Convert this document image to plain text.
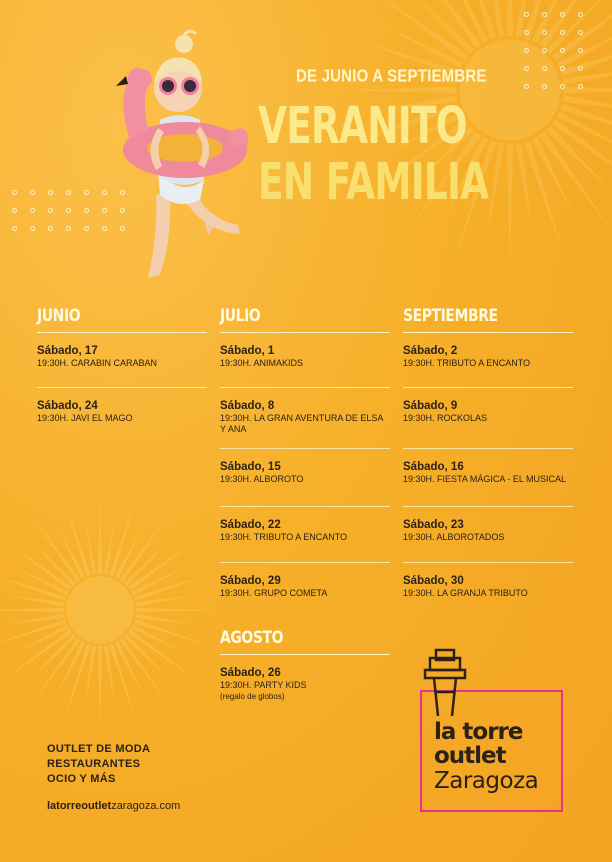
DE JUNIO A SEPTIEMBRE
VERANITO
EN FAMILIA
JUNIO
Sábado, 17
19:30H. CARABIN CARABAN
Sábado, 24
19:30H. JAVI EL MAGO
JULIO
Sábado, 1
19:30H. ANIMAKIDS
Sábado, 8
19:30H. LA GRAN AVENTURA DE ELSA Y ANA
Sábado, 15
19:30H. ALBOROTO
Sábado, 22
19:30H. TRIBUTO A ENCANTO
Sábado, 29
19:30H. GRUPO COMETA
AGOSTO
Sábado, 26
19:30H. PARTY KIDS
(regalo de globos)
SEPTIEMBRE
Sábado, 2
19:30H. TRIBUTO A ENCANTO
Sábado, 9
19:30H. ROCKOLAS
Sábado, 16
19:30H. FIESTA MÁGICA - EL MUSICAL
Sábado, 23
19:30H. ALBOROTADOS
Sábado, 30
19:30H. LA GRANJA TRIBUTO
OUTLET DE MODA
RESTAURANTES
OCIO Y MÁS
latorreoutletzaragoza.com
la torre
outlet
Zaragoza
